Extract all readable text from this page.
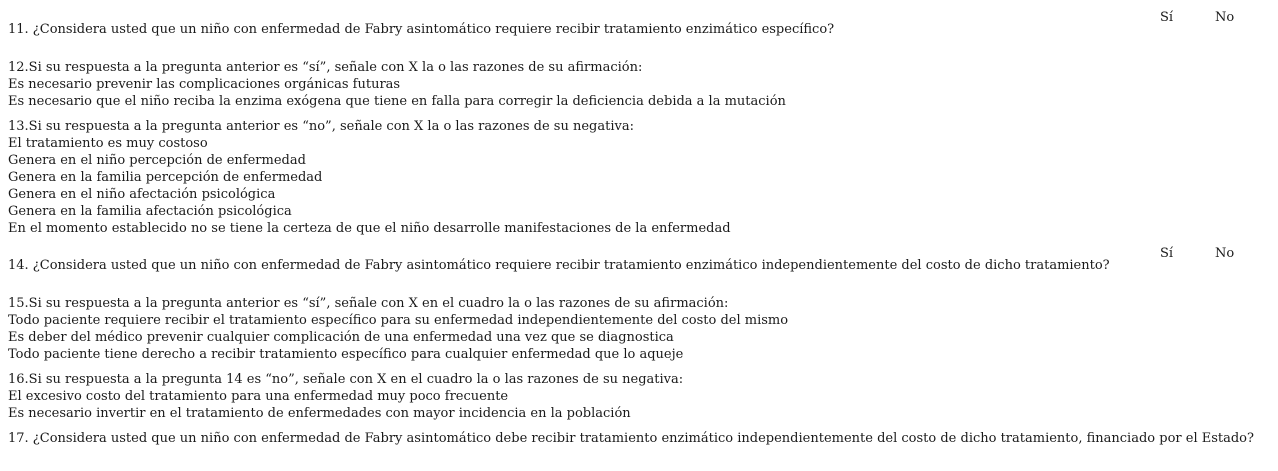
Sí	No
11. ¿Considera usted que un niño con enfermedad de Fabry asintomático requiere recibir tratamiento enzimático específico?
12.Si su respuesta a la pregunta anterior es “sí”, señale con X la o las razones de su afirmación:
Es necesario prevenir las complicaciones orgánicas futuras
Es necesario que el niño reciba la enzima exógena que tiene en falla para corregir la deficiencia debida a la mutación
13.Si su respuesta a la pregunta anterior es “no”, señale con X la o las razones de su negativa:
El tratamiento es muy costoso
Genera en el niño percepción de enfermedad
Genera en la familia percepción de enfermedad
Genera en el niño afectación psicológica
Genera en la familia afectación psicológica
En el momento establecido no se tiene la certeza de que el niño desarrolle manifestaciones de la enfermedad
Sí	No
14. ¿Considera usted que un niño con enfermedad de Fabry asintomático requiere recibir tratamiento enzimático independientemente del costo de dicho tratamiento?
15.Si su respuesta a la pregunta anterior es “sí”, señale con X en el cuadro la o las razones de su afirmación:
Todo paciente requiere recibir el tratamiento específico para su enfermedad independientemente del costo del mismo
Es deber del médico prevenir cualquier complicación de una enfermedad una vez que se diagnostica
Todo paciente tiene derecho a recibir tratamiento específico para cualquier enfermedad que lo aqueje
16.Si su respuesta a la pregunta 14 es “no”, señale con X en el cuadro la o las razones de su negativa:
El excesivo costo del tratamiento para una enfermedad muy poco frecuente
Es necesario invertir en el tratamiento de enfermedades con mayor incidencia en la población
17. ¿Considera usted que un niño con enfermedad de Fabry asintomático debe recibir tratamiento enzimático independientemente del costo de dicho tratamiento, financiado por el Estado?
